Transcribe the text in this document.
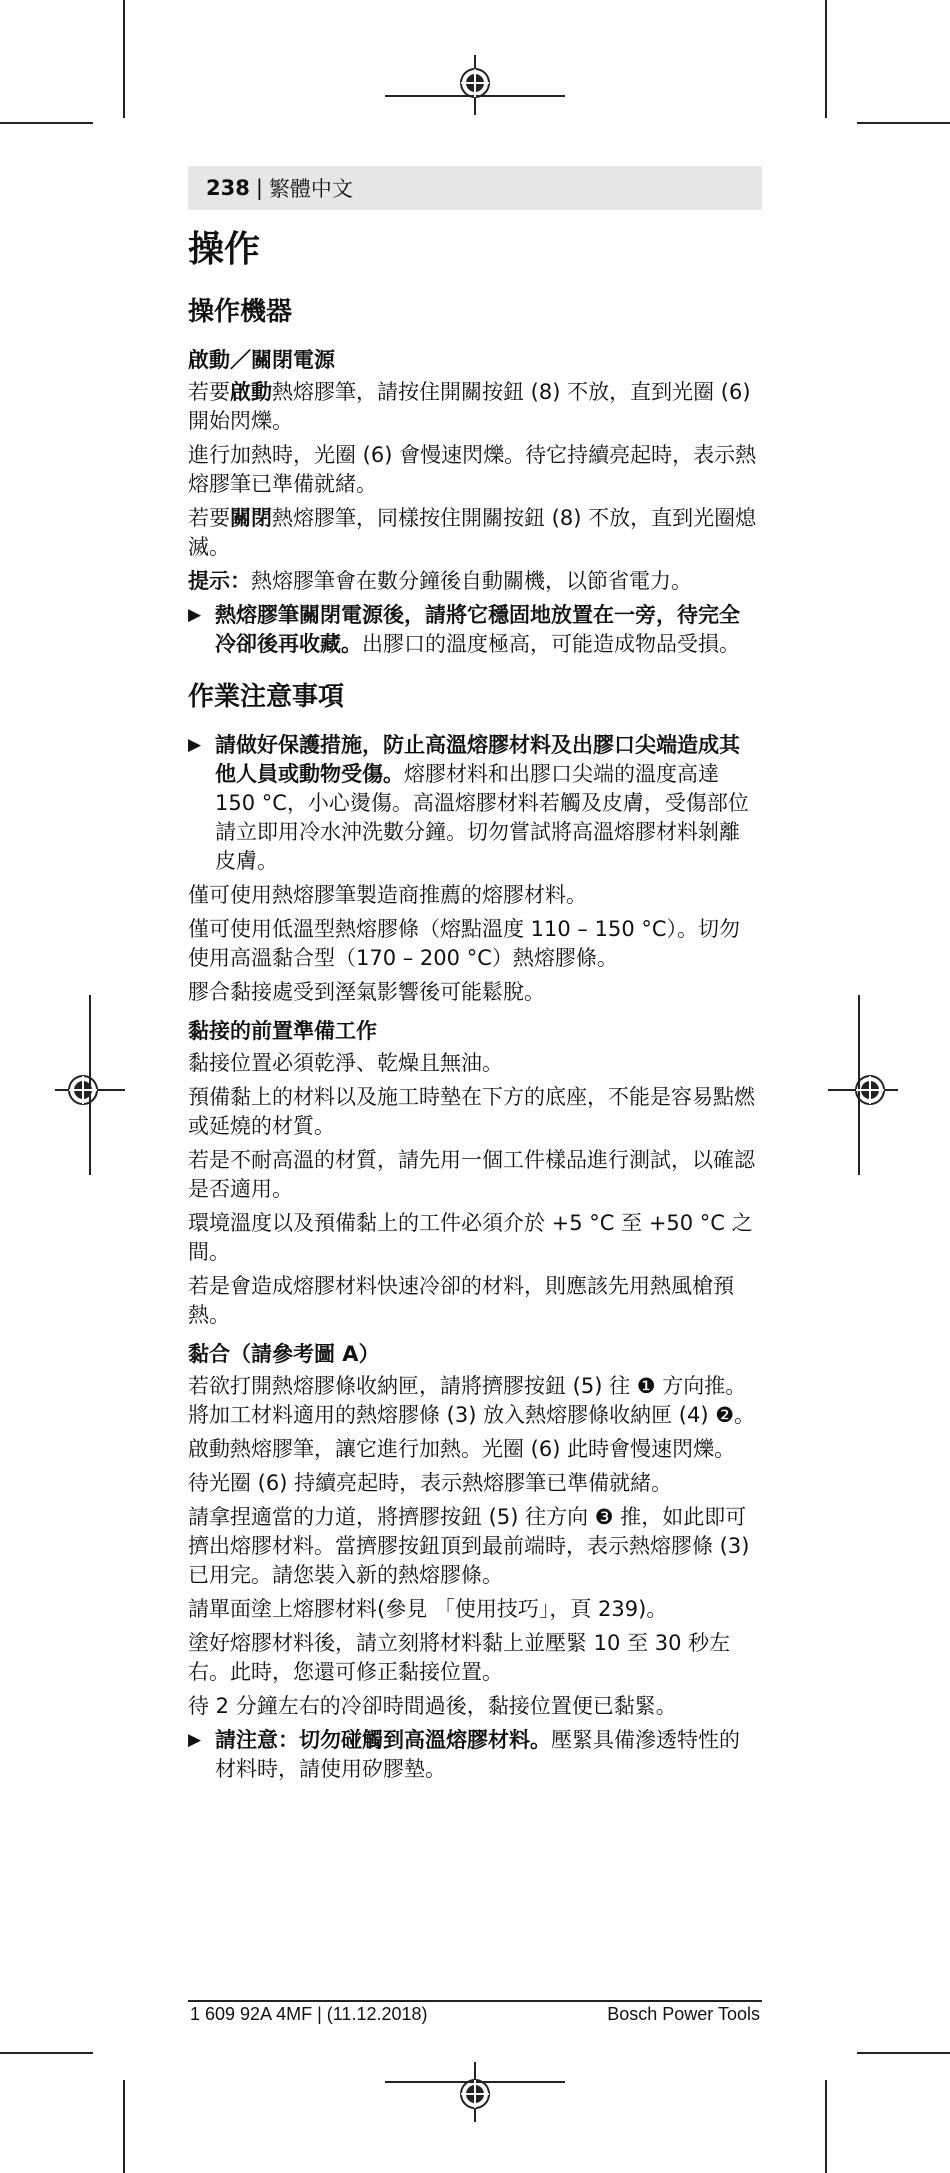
238 | 繁體中文
操作
操作機器
啟動／關閉電源

若要啟動熱熔膠筆，請按住開關按鈕 (8) 不放，直到光圈 (6) 開始閃爍。

進行加熱時，光圈 (6) 會慢速閃爍。待它持續亮起時，表示熱熔膠筆已準備就緒。

若要關閉熱熔膠筆，同樣按住開關按鈕 (8) 不放，直到光圈熄滅。

提示：熱熔膠筆會在數分鐘後自動關機，以節省電力。

▶ 熱熔膠筆關閉電源後，請將它穩固地放置在一旁，待完全冷卻後再收藏。出膠口的溫度極高，可能造成物品受損。
作業注意事項
▶ 請做好保護措施，防止高溫熔膠材料及出膠口尖端造成其他人員或動物受傷。熔膠材料和出膠口尖端的溫度高達 150 °C，小心燙傷。高溫熔膠材料若觸及皮膚，受傷部位請立即用冷水沖洗數分鐘。切勿嘗試將高溫熔膠材料剝離皮膚。

僅可使用熱熔膠筆製造商推薦的熔膠材料。

僅可使用低溫型熱熔膠條（熔點溫度 110 – 150 °C）。切勿使用高溫黏合型（170 – 200 °C）熱熔膠條。

膠合黏接處受到溼氣影響後可能鬆脫。

黏接的前置準備工作

黏接位置必須乾淨、乾燥且無油。

預備黏上的材料以及施工時墊在下方的底座，不能是容易點燃或延燒的材質。

若是不耐高溫的材質，請先用一個工件樣品進行測試，以確認是否適用。

環境溫度以及預備黏上的工件必須介於 +5 °C 至 +50 °C 之間。

若是會造成熔膠材料快速冷卻的材料，則應該先用熱風槍預熱。

黏合（請參考圖 A）

若欲打開熱熔膠條收納匣，請將擠膠按鈕 (5) 往 ❶ 方向推。將加工材料適用的熱熔膠條 (3) 放入熱熔膠條收納匣 (4) ❷。

啟動熱熔膠筆，讓它進行加熱。光圈 (6) 此時會慢速閃爍。

待光圈 (6) 持續亮起時，表示熱熔膠筆已準備就緒。

請拿捏適當的力道，將擠膠按鈕 (5) 往方向 ❸ 推，如此即可擠出熔膠材料。當擠膠按鈕頂到最前端時，表示熱熔膠條 (3) 已用完。請您裝入新的熱熔膠條。

請單面塗上熔膠材料(參見 「使用技巧」，頁 239)。

塗好熔膠材料後，請立刻將材料黏上並壓緊 10 至 30 秒左右。此時，您還可修正黏接位置。

待 2 分鐘左右的冷卻時間過後，黏接位置便已黏緊。

▶ 請注意：切勿碰觸到高溫熔膠材料。壓緊具備滲透特性的材料時，請使用矽膠墊。
1 609 92A 4MF | (11.12.2018)	Bosch Power Tools
